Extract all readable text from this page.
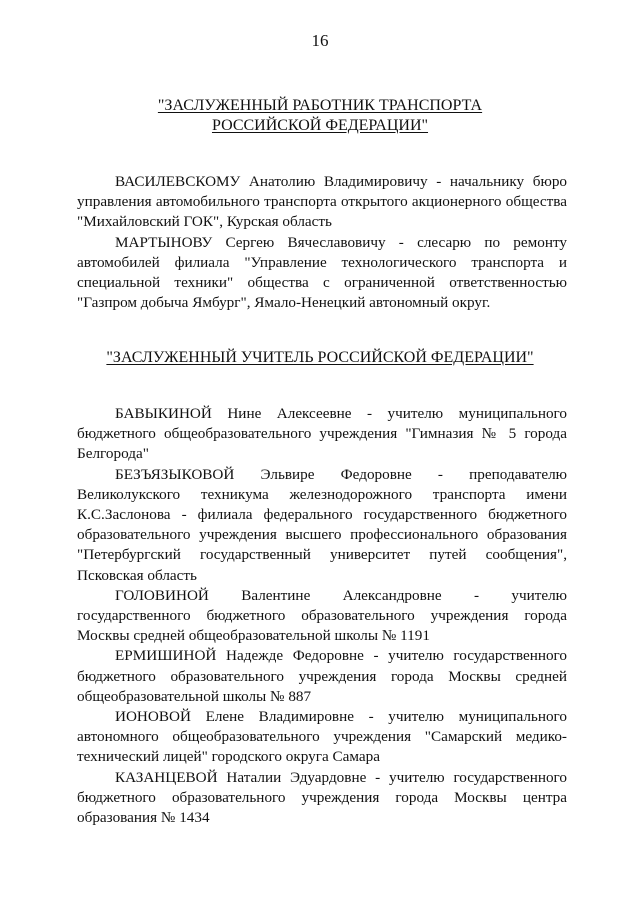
16
"ЗАСЛУЖЕННЫЙ РАБОТНИК ТРАНСПОРТА
РОССИЙСКОЙ ФЕДЕРАЦИИ"
ВАСИЛЕВСКОМУ Анатолию Владимировичу - начальнику бюро управления автомобильного транспорта открытого акционерного общества "Михайловский ГОК", Курская область
МАРТЫНОВУ Сергею Вячеславовичу - слесарю по ремонту автомобилей филиала "Управление технологического транспорта и специальной техники" общества с ограниченной ответственностью "Газпром добыча Ямбург", Ямало-Ненецкий автономный округ.
"ЗАСЛУЖЕННЫЙ УЧИТЕЛЬ РОССИЙСКОЙ ФЕДЕРАЦИИ"
БАВЫКИНОЙ Нине Алексеевне - учителю муниципального бюджетного общеобразовательного учреждения "Гимназия № 5 города Белгорода"
БЕЗЪЯЗЫКОВОЙ Эльвире Федоровне - преподавателю Великолукского техникума железнодорожного транспорта имени К.С.Заслонова - филиала федерального государственного бюджетного образовательного учреждения высшего профессионального образования "Петербургский государственный университет путей сообщения", Псковская область
ГОЛОВИНОЙ Валентине Александровне - учителю государственного бюджетного образовательного учреждения города Москвы средней общеобразовательной школы № 1191
ЕРМИШИНОЙ Надежде Федоровне - учителю государственного бюджетного образовательного учреждения города Москвы средней общеобразовательной школы № 887
ИОНОВОЙ Елене Владимировне - учителю муниципального автономного общеобразовательного учреждения "Самарский медико-технический лицей" городского округа Самара
КАЗАНЦЕВОЙ Наталии Эдуардовне - учителю государственного бюджетного образовательного учреждения города Москвы центра образования № 1434
